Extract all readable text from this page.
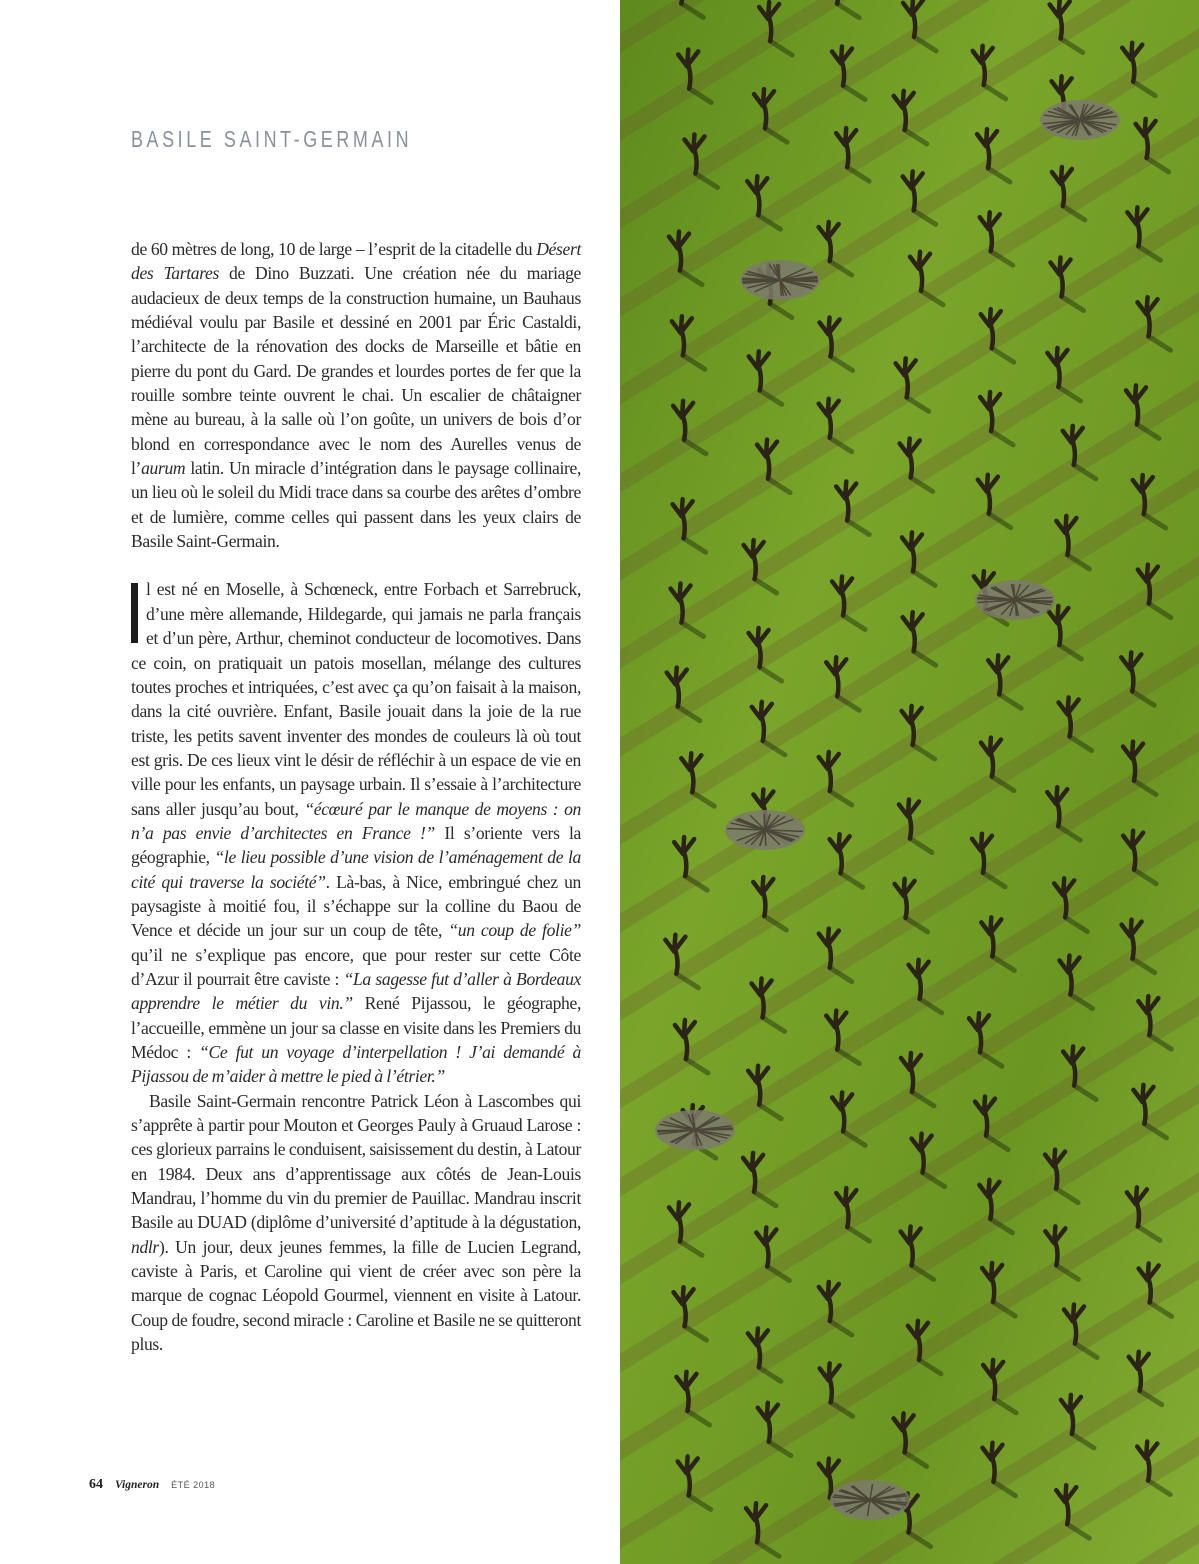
BASILE SAINT-GERMAIN

de 60 mètres de long, 10 de large – l’esprit de la citadelle du Désert des Tartares de Dino Buzzati. Une création née du mariage audacieux de deux temps de la construction humaine, un Bauhaus médiéval voulu par Basile et dessiné en 2001 par Éric Castaldi, l’architecte de la rénovation des docks de Marseille et bâtie en pierre du pont du Gard. De grandes et lourdes portes de fer que la rouille sombre teinte ouvrent le chai. Un escalier de châtaigner mène au bureau, à la salle où l’on goûte, un univers de bois d’or blond en correspondance avec le nom des Aurelles venus de l’aurum latin. Un miracle d’intégration dans le paysage collinaire, un lieu où le soleil du Midi trace dans sa courbe des arêtes d’ombre et de lumière, comme celles qui passent dans les yeux clairs de Basile Saint-Germain.

l est né en Moselle, à Schœneck, entre Forbach et Sarrebruck, d’une mère allemande, Hildegarde, qui jamais ne parla français et d’un père, Arthur, cheminot conducteur de locomotives. Dans ce coin, on pratiquait un patois mosellan, mélange des cultures toutes proches et intriquées, c’est avec ça qu’on faisait à la maison, dans la cité ouvrière. Enfant, Basile jouait dans la joie de la rue triste, les petits savent inventer des mondes de couleurs là où tout est gris. De ces lieux vint le désir de réfléchir à un espace de vie en ville pour les enfants, un paysage urbain. Il s’essaie à l’architecture sans aller jusqu’au bout, “écœuré par le manque de moyens : on n’a pas envie d’architectes en France !” Il s’oriente vers la géographie, “le lieu possible d’une vision de l’aménagement de la cité qui traverse la société”. Là-bas, à Nice, embringué chez un paysagiste à moitié fou, il s’échappe sur la colline du Baou de Vence et décide un jour sur un coup de tête, “un coup de folie” qu’il ne s’explique pas encore, que pour rester sur cette Côte d’Azur il pourrait être caviste : “La sagesse fut d’aller à Bordeaux apprendre le métier du vin.” René Pijassou, le géographe, l’accueille, emmène un jour sa classe en visite dans les Premiers du Médoc : “Ce fut un voyage d’interpellation ! J’ai demandé à Pijassou de m’aider à mettre le pied à l’étrier.”

Basile Saint-Germain rencontre Patrick Léon à Lascombes qui s’apprête à partir pour Mouton et Georges Pauly à Gruaud Larose : ces glorieux parrains le conduisent, saisissement du destin, à Latour en 1984. Deux ans d’apprentissage aux côtés de Jean-Louis Mandrau, l’homme du vin du premier de Pauillac. Mandrau inscrit Basile au DUAD (diplôme d’université d’aptitude à la dégustation, ndlr). Un jour, deux jeunes femmes, la fille de Lucien Legrand, caviste à Paris, et Caroline qui vient de créer avec son père la marque de cognac Léopold Gourmel, viennent en visite à Latour. Coup de foudre, second miracle : Caroline et Basile ne se quitteront plus.

64 Vigneron ÉTÉ 2018
